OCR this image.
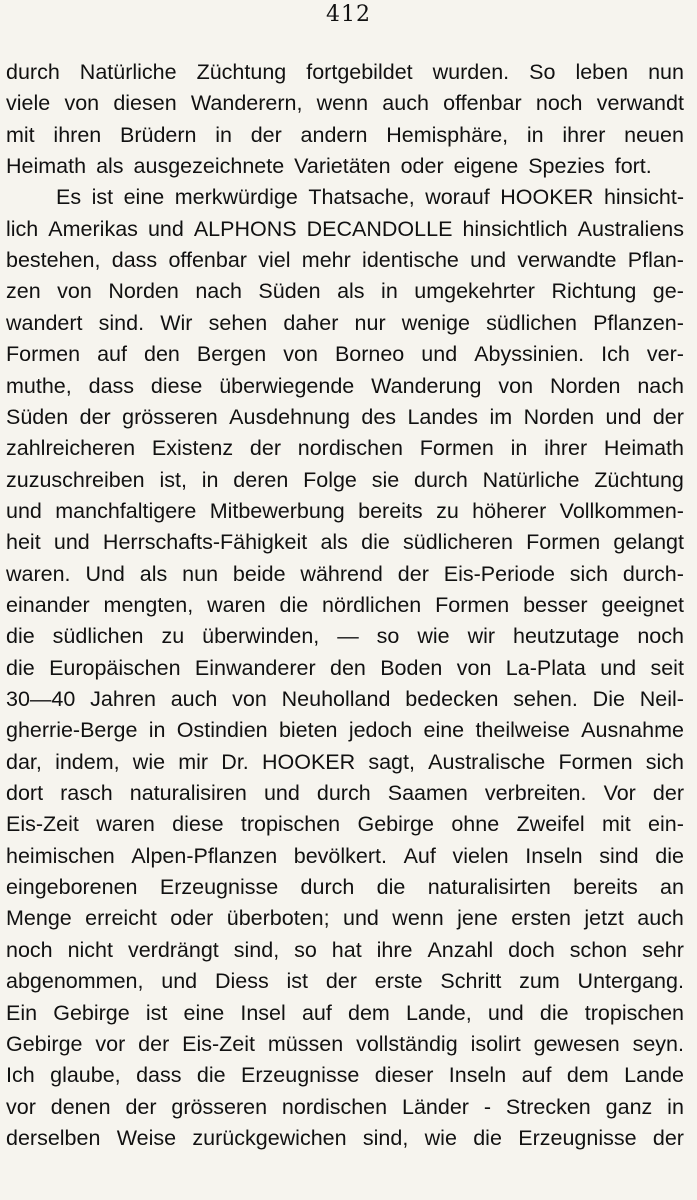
412
durch Natürliche Züchtung fortgebildet wurden. So leben nun
viele von diesen Wanderern, wenn auch offenbar noch verwandt
mit ihren Brüdern in der andern Hemisphäre, in ihrer neuen
Heimath als ausgezeichnete Varietäten oder eigene Spezies fort.
Es ist eine merkwürdige Thatsache, worauf HOOKER hinsicht-
lich Amerikas und ALPHONS DECANDOLLE hinsichtlich Australiens
bestehen, dass offenbar viel mehr identische und verwandte Pflan-
zen von Norden nach Süden als in umgekehrter Richtung ge-
wandert sind. Wir sehen daher nur wenige südlichen Pflanzen-
Formen auf den Bergen von Borneo und Abyssinien. Ich ver-
muthe, dass diese überwiegende Wanderung von Norden nach
Süden der grösseren Ausdehnung des Landes im Norden und der
zahlreicheren Existenz der nordischen Formen in ihrer Heimath
zuzuschreiben ist, in deren Folge sie durch Natürliche Züchtung
und manchfaltigere Mitbewerbung bereits zu höherer Vollkommen-
heit und Herrschafts-Fähigkeit als die südlicheren Formen gelangt
waren. Und als nun beide während der Eis-Periode sich durch-
einander mengten, waren die nördlichen Formen besser geeignet
die südlichen zu überwinden, — so wie wir heutzutage noch
die Europäischen Einwanderer den Boden von La-Plata und seit
30—40 Jahren auch von Neuholland bedecken sehen. Die Neil-
gherrie-Berge in Ostindien bieten jedoch eine theilweise Ausnahme
dar, indem, wie mir Dr. HOOKER sagt, Australische Formen sich
dort rasch naturalisiren und durch Saamen verbreiten. Vor der
Eis-Zeit waren diese tropischen Gebirge ohne Zweifel mit ein-
heimischen Alpen-Pflanzen bevölkert. Auf vielen Inseln sind die
eingeborenen Erzeugnisse durch die naturalisirten bereits an
Menge erreicht oder überboten; und wenn jene ersten jetzt auch
noch nicht verdrängt sind, so hat ihre Anzahl doch schon sehr
abgenommen, und Diess ist der erste Schritt zum Untergang.
Ein Gebirge ist eine Insel auf dem Lande, und die tropischen
Gebirge vor der Eis-Zeit müssen vollständig isolirt gewesen seyn.
Ich glaube, dass die Erzeugnisse dieser Inseln auf dem Lande
vor denen der grösseren nordischen Länder - Strecken ganz in
derselben Weise zurückgewichen sind, wie die Erzeugnisse der
